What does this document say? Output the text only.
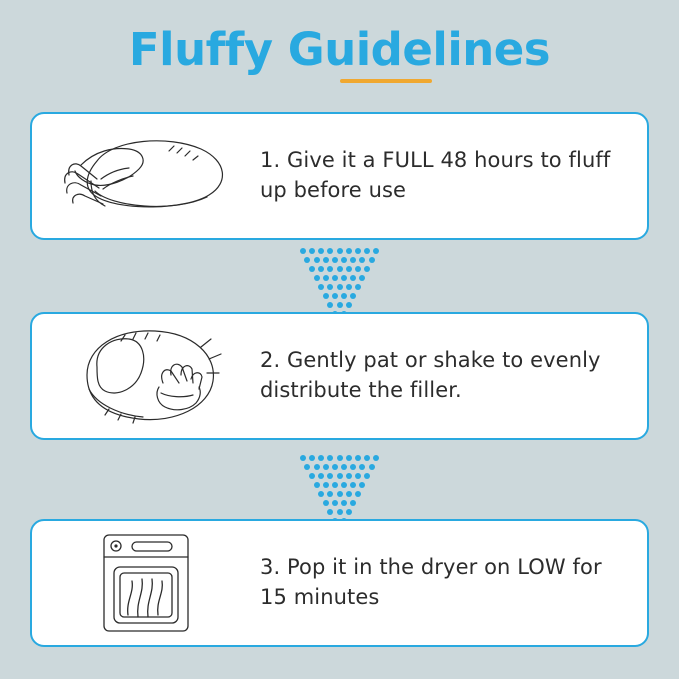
Fluffy Guidelines
1. Give it a FULL 48 hours to fluff up before use
2. Gently pat or shake to evenly distribute the filler.
3. Pop it in the dryer on LOW for 15 minutes
